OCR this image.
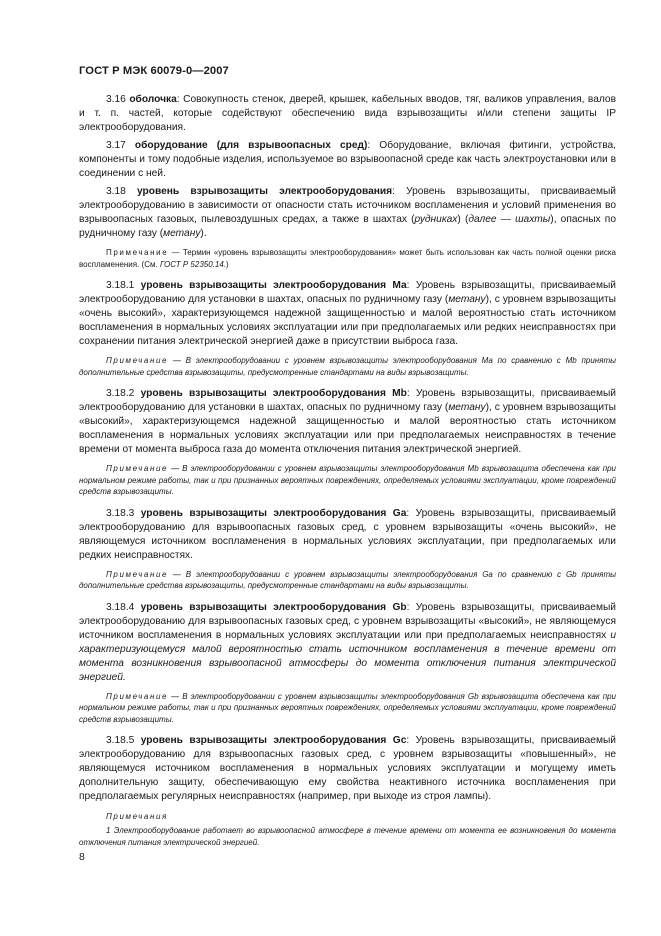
ГОСТ Р МЭК 60079-0—2007

3.16 оболочка: Совокупность стенок, дверей, крышек, кабельных вводов, тяг, валиков управления, валов и т. п. частей, которые содействуют обеспечению вида взрывозащиты и/или степени защиты IP электрооборудования.

3.17 оборудование (для взрывоопасных сред): Оборудование, включая фитинги, устройства, компоненты и тому подобные изделия, используемое во взрывоопасной среде как часть электроустановки или в соединении с ней.

3.18 уровень взрывозащиты электрооборудования: Уровень взрывозащиты, присваиваемый электрооборудованию в зависимости от опасности стать источником воспламенения и условий применения во взрывоопасных газовых, пылевоздушных средах, а также в шахтах (рудниках) (далее — шахты), опасных по рудничному газу (метану).

Примечание — Термин «уровень взрывозащиты электрооборудования» может быть использован как часть полной оценки риска воспламенения. (См. ГОСТ Р 52350.14.)

3.18.1 уровень взрывозащиты электрооборудования Ма: Уровень взрывозащиты, присваиваемый электрооборудованию для установки в шахтах, опасных по рудничному газу (метану), с уровнем взрывозащиты «очень высокий», характеризующемся надежной защищенностью и малой вероятностью стать источником воспламенения в нормальных условиях эксплуатации или при предполагаемых или редких неисправностях при сохранении питания электрической энергией даже в присутствии выброса газа.

Примечание — В электрооборудовании с уровнем взрывозащиты электрооборудования Ма по сравнению с Mb приняты дополнительные средства взрывозащиты, предусмотренные стандартами на виды взрывозащиты.

3.18.2 уровень взрывозащиты электрооборудования Mb: Уровень взрывозащиты, присваиваемый электрооборудованию для установки в шахтах, опасных по рудничному газу (метану), с уровнем взрывозащиты «высокий», характеризующемся надежной защищенностью и малой вероятностью стать источником воспламенения в нормальных условиях эксплуатации или при предполагаемых неисправностях в течение времени от момента выброса газа до момента отключения питания электрической энергией.

Примечание — В электрооборудовании с уровнем взрывозащиты электрооборудования Mb взрывозащита обеспечена как при нормальном режиме работы, так и при признанных вероятных повреждениях, определяемых условиями эксплуатации, кроме повреждений средств взрывозащиты.

3.18.3 уровень взрывозащиты электрооборудования Ga: Уровень взрывозащиты, присваиваемый электрооборудованию для взрывоопасных газовых сред, с уровнем взрывозащиты «очень высокий», не являющемуся источником воспламенения в нормальных условиях эксплуатации, при предполагаемых или редких неисправностях.

Примечание — В электрооборудовании с уровнем взрывозащиты электрооборудования Ga по сравнению с Gb приняты дополнительные средства взрывозащиты, предусмотренные стандартами на виды взрывозащиты.

3.18.4 уровень взрывозащиты электрооборудования Gb: Уровень взрывозащиты, присваиваемый электрооборудованию для взрывоопасных газовых сред, с уровнем взрывозащиты «высокий», не являющемуся источником воспламенения в нормальных условиях эксплуатации или при предполагаемых неисправностях и характеризующемуся малой вероятностью стать источником воспламенения в течение времени от момента возникновения взрывоопасной атмосферы до момента отключения питания электрической энергией.

Примечание — В электрооборудовании с уровнем взрывозащиты электрооборудования Gb взрывозащита обеспечена как при нормальном режиме работы, так и при признанных вероятных повреждениях, определяемых условиями эксплуатации, кроме повреждений средств взрывозащиты.

3.18.5 уровень взрывозащиты электрооборудования Gc: Уровень взрывозащиты, присваиваемый электрооборудованию для взрывоопасных газовых сред, с уровнем взрывозащиты «повышенный», не являющемуся источником воспламенения в нормальных условиях эксплуатации и могущему иметь дополнительную защиту, обеспечивающую ему свойства неактивного источника воспламенения при предполагаемых регулярных неисправностях (например, при выходе из строя лампы).

Примечания

1 Электрооборудование работает во взрывоопасной атмосфере в течение времени от момента ее возникновения до момента отключения питания электрической энергией.

8
